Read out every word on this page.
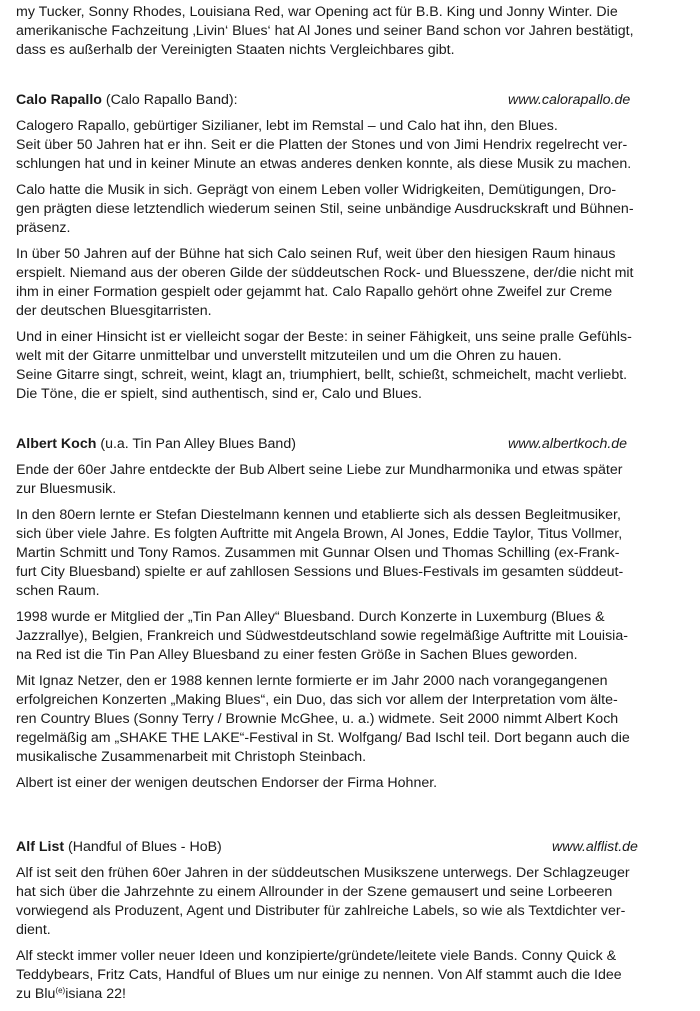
my Tucker, Sonny Rhodes, Louisiana Red, war Opening act für B.B. King und Jonny Winter. Die
amerikanische Fachzeitung ‚Livin‘ Blues‘ hat Al Jones und seiner Band schon vor Jahren bestätigt,
dass es außerhalb der Vereinigten Staaten nichts Vergleichbares gibt.

Calo Rapallo (Calo Rapallo Band):	www.calorapallo.de

Calogero Rapallo, gebürtiger Sizilianer, lebt im Remstal – und Calo hat ihn, den Blues.
Seit über 50 Jahren hat er ihn. Seit er die Platten der Stones und von Jimi Hendrix regelrecht ver-
schlungen hat und in keiner Minute an etwas anderes denken konnte, als diese Musik zu machen.

Calo hatte die Musik in sich. Geprägt von einem Leben voller Widrigkeiten, Demütigungen, Dro-
gen prägten diese letztendlich wiederum seinen Stil, seine unbändige Ausdruckskraft und Bühnen-
präsenz.

In über 50 Jahren auf der Bühne hat sich Calo seinen Ruf, weit über den hiesigen Raum hinaus
erspielt. Niemand aus der oberen Gilde der süddeutschen Rock- und Bluesszene, der/die nicht mit
ihm in einer Formation gespielt oder gejammt hat. Calo Rapallo gehört ohne Zweifel zur Creme
der deutschen Bluesgitarristen.

Und in einer Hinsicht ist er vielleicht sogar der Beste: in seiner Fähigkeit, uns seine pralle Gefühls-
welt mit der Gitarre unmittelbar und unverstellt mitzuteilen und um die Ohren zu hauen.
Seine Gitarre singt, schreit, weint, klagt an, triumphiert, bellt, schießt, schmeichelt, macht verliebt.
Die Töne, die er spielt, sind authentisch, sind er, Calo und Blues.

Albert Koch (u.a. Tin Pan Alley Blues Band)	www.albertkoch.de

Ende der 60er Jahre entdeckte der Bub Albert seine Liebe zur Mundharmonika und etwas später
zur Bluesmusik.

In den 80ern lernte er Stefan Diestelmann kennen und etablierte sich als dessen Begleitmusiker,
sich über viele Jahre. Es folgten Auftritte mit Angela Brown, Al Jones, Eddie Taylor, Titus Vollmer,
Martin Schmitt und Tony Ramos. Zusammen mit Gunnar Olsen und Thomas Schilling (ex-Frank-
furt City Bluesband) spielte er auf zahllosen Sessions und Blues-Festivals im gesamten süddeut-
schen Raum.

1998 wurde er Mitglied der „Tin Pan Alley“ Bluesband. Durch Konzerte in Luxemburg (Blues &
Jazzrallye), Belgien, Frankreich und Südwestdeutschland sowie regelmäßige Auftritte mit Louisia-
na Red ist die Tin Pan Alley Bluesband zu einer festen Größe in Sachen Blues geworden.

Mit Ignaz Netzer, den er 1988 kennen lernte formierte er im Jahr 2000 nach vorangegangenen
erfolgreichen Konzerten „Making Blues“, ein Duo, das sich vor allem der Interpretation vom älte-
ren Country Blues (Sonny Terry / Brownie McGhee, u. a.) widmete. Seit 2000 nimmt Albert Koch
regelmäßig am „SHAKE THE LAKE“-Festival in St. Wolfgang/ Bad Ischl teil. Dort begann auch die
musikalische Zusammenarbeit mit Christoph Steinbach.

Albert ist einer der wenigen deutschen Endorser der Firma Hohner.

Alf List (Handful of Blues - HoB)	www.alflist.de

Alf ist seit den frühen 60er Jahren in der süddeutschen Musikszene unterwegs. Der Schlagzeuger
hat sich über die Jahrzehnte zu einem Allrounder in der Szene gemausert und seine Lorbeeren
vorwiegend als Produzent, Agent und Distributer für zahlreiche Labels, so wie als Textdichter ver-
dient.

Alf steckt immer voller neuer Ideen und konzipierte/gründete/leitete viele Bands. Conny Quick &
Teddybears, Fritz Cats, Handful of Blues um nur einige zu nennen. Von Alf stammt auch die Idee
zu Blu$^{(e)}$isiana 22!
